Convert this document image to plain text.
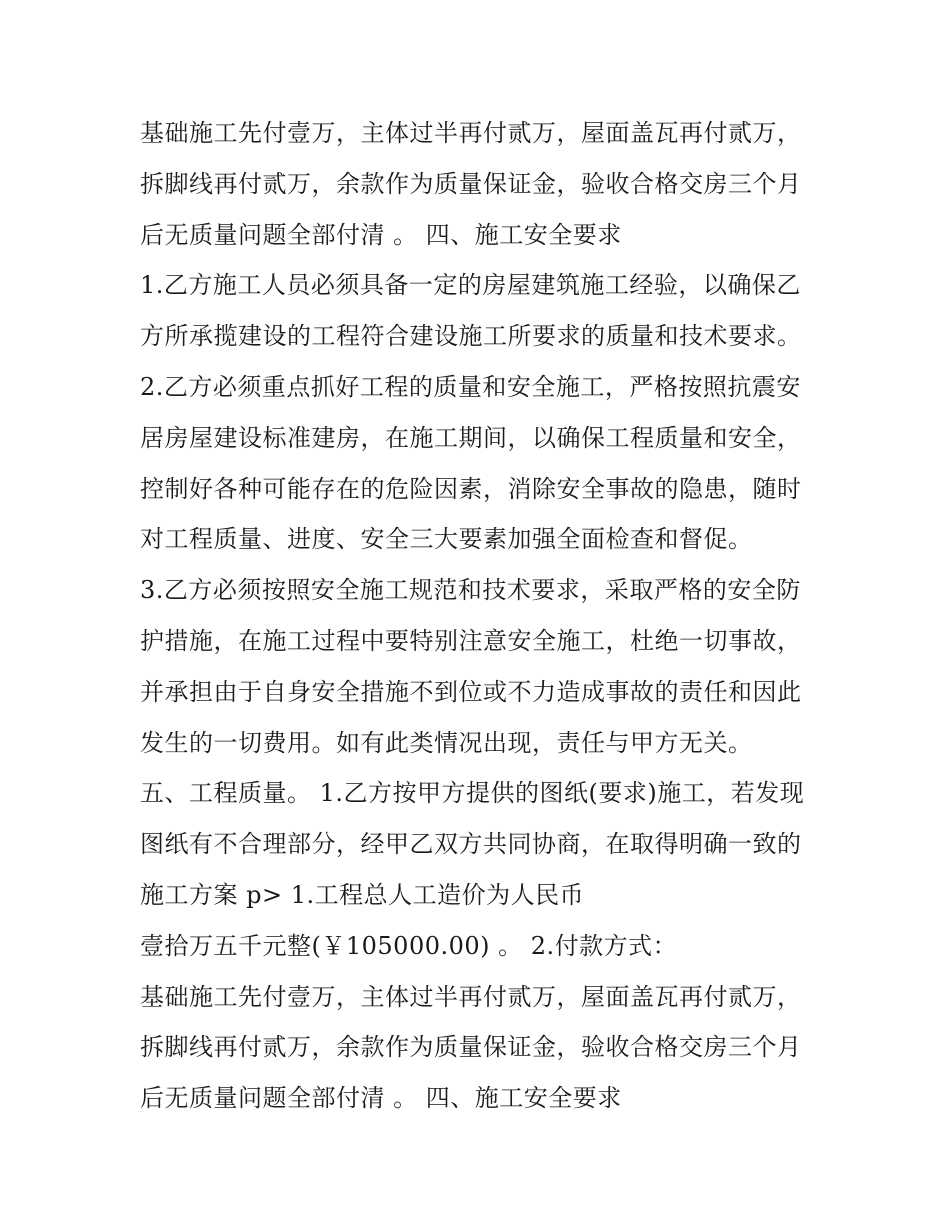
基础施工先付壹万，主体过半再付贰万，屋面盖瓦再付贰万，
拆脚线再付贰万，余款作为质量保证金，验收合格交房三个月
后无质量问题全部付清 。 四、施工安全要求
1.乙方施工人员必须具备一定的房屋建筑施工经验，以确保乙
方所承揽建设的工程符合建设施工所要求的质量和技术要求。
2.乙方必须重点抓好工程的质量和安全施工，严格按照抗震安
居房屋建设标准建房，在施工期间，以确保工程质量和安全，
控制好各种可能存在的危险因素，消除安全事故的隐患，随时
对工程质量、进度、安全三大要素加强全面检查和督促。
3.乙方必须按照安全施工规范和技术要求，采取严格的安全防
护措施，在施工过程中要特别注意安全施工，杜绝一切事故，
并承担由于自身安全措施不到位或不力造成事故的责任和因此
发生的一切费用。如有此类情况出现，责任与甲方无关。
五、工程质量。 1.乙方按甲方提供的图纸(要求)施工，若发现
图纸有不合理部分，经甲乙双方共同协商，在取得明确一致的
施工方案 p> 1.工程总人工造价为人民币
壹拾万五千元整(￥105000.00) 。 2.付款方式：
基础施工先付壹万，主体过半再付贰万，屋面盖瓦再付贰万，
拆脚线再付贰万，余款作为质量保证金，验收合格交房三个月
后无质量问题全部付清 。 四、施工安全要求
